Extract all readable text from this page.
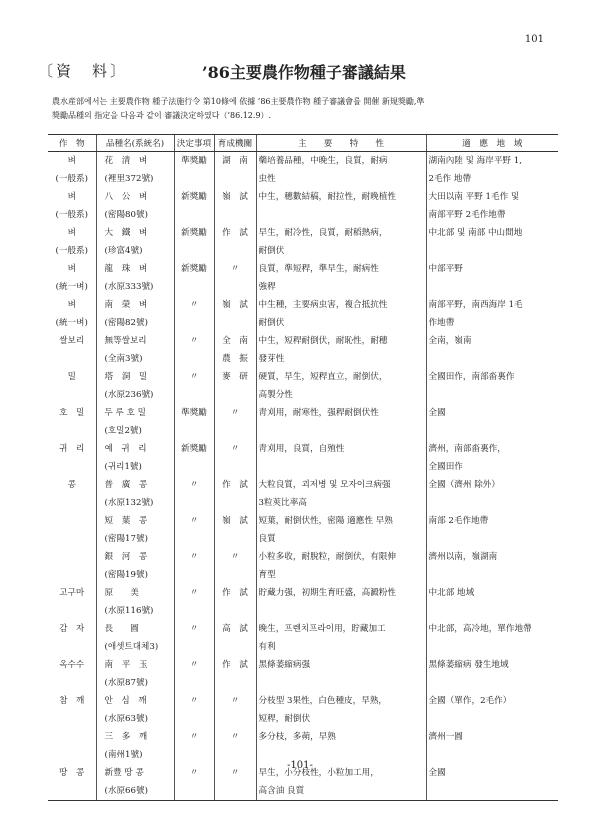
101
〔資　料〕	’86主要農作物種子審議結果
農水産部에서는 主要農作物 種子法施行令 第10條에 依據 ’86主要農作物 種子審議會를 開催 新規獎勵,準
獎勵品種의 指定을 다음과 같이 審議決定하였다（’86.12.9）.
作　物	品種名(系統名)	決定事項	育成機關	主　　要　　特　　性	適　應　地　域
벼	花　清　벼	準獎勵	湖　南	藥培養品種，中晚生，良質，耐病	湖南內陸 및 海岸平野 1,
(一般系)	(裡里372號)			虫性	2毛作 地帶
벼	八　公　벼	新獎勵	嶺　試	中生，穗數結稿，耐拉性，耐晚植性	大田以南 平野 1毛作 및
(一般系)	(密陽80號)				南部平野 2毛作地帶
벼	大　鐵　벼	新獎勵	作　試	早生，耐冷性，良質，耐稻熱病，	中北部 및 南部 中山間地
(一般系)	(珍富4號)			耐倒伏	
벼	龍　珠　벼	新獎勵	〃	良質，準短稈，準早生，耐病性	中部平野
(統一벼)	(水原333號)			強稈	
벼	南　榮　벼	〃	嶺　試	中生種，主要病虫害，複合抵抗性	南部平野，南西海岸 1毛
(統一벼)	(密陽82號)			耐倒伏	作地帶
쌀보리	無等쌀보리	〃	全　南	中生，短稈耐倒伏，耐恥性，耐穗	全南，嶺南
	(全南3號)		農　振	發芽性	
밀	塔　洞　밀	〃	麥　研	硬質，早生，短稈直立，耐倒伏，	全國田作，南部畓裏作
	(水原236號)			高製分性	
호　밀	두 루 호 밀	準獎勵	〃	靑刈用，耐寒性，强稈耐倒伏性	全國
	(호밀2號)				
귀　리	예　귀　리	新獎勵	〃	靑刈用，良質，自殖性	濟州，南部畓裏作，
	(귀리1號)				全國田作
콩	普　廣　콩	〃	作　試	大粒良質，괴저병 및 모자이크病强	全國（濟州 除外）
	(水原132號)			3粒莢比率高	
	短　葉　콩	〃	嶺　試	短葉，耐倒伏性，密陽 適應性 早熟	南部 2毛作地帶
	(密陽17號)			良質	
	銀　河　콩	〃	〃	小粒多收，耐脫粒，耐倒伏，有限伸	濟州以南，嶺湖南
	(密陽19號)			育型	
고구마	原　　美	〃	作　試	貯藏力强，初期生育旺盛，高澱粉性	中北部 地域
	(水原116號)				
감　자	長　　圓	〃	高　試	晚生，프렌치프라이用，貯藏加工	中北部，高冷地，單作地帶
	(애셋트대체3)			有利	
옥수수	南　平　玉	〃	作　試	黑條萎縮病强	黑條萎縮病 發生地域
	(水原87號)				
참　깨	안　심　깨	〃	〃	分枝型 3果性，白色種皮，早熟，	全國（單作，2毛作）
	(水原63號)			短稈，耐倒伏	
	三　多　깨	〃	〃	多分枝，多蒴，早熟	濟州一圓
	(南州1號)				
땅　콩	新豊 땅 콩	〃	〃	早生，小分枝性，小粒加工用，	全國
	(水原66號)			高含油 良質	
-101-
